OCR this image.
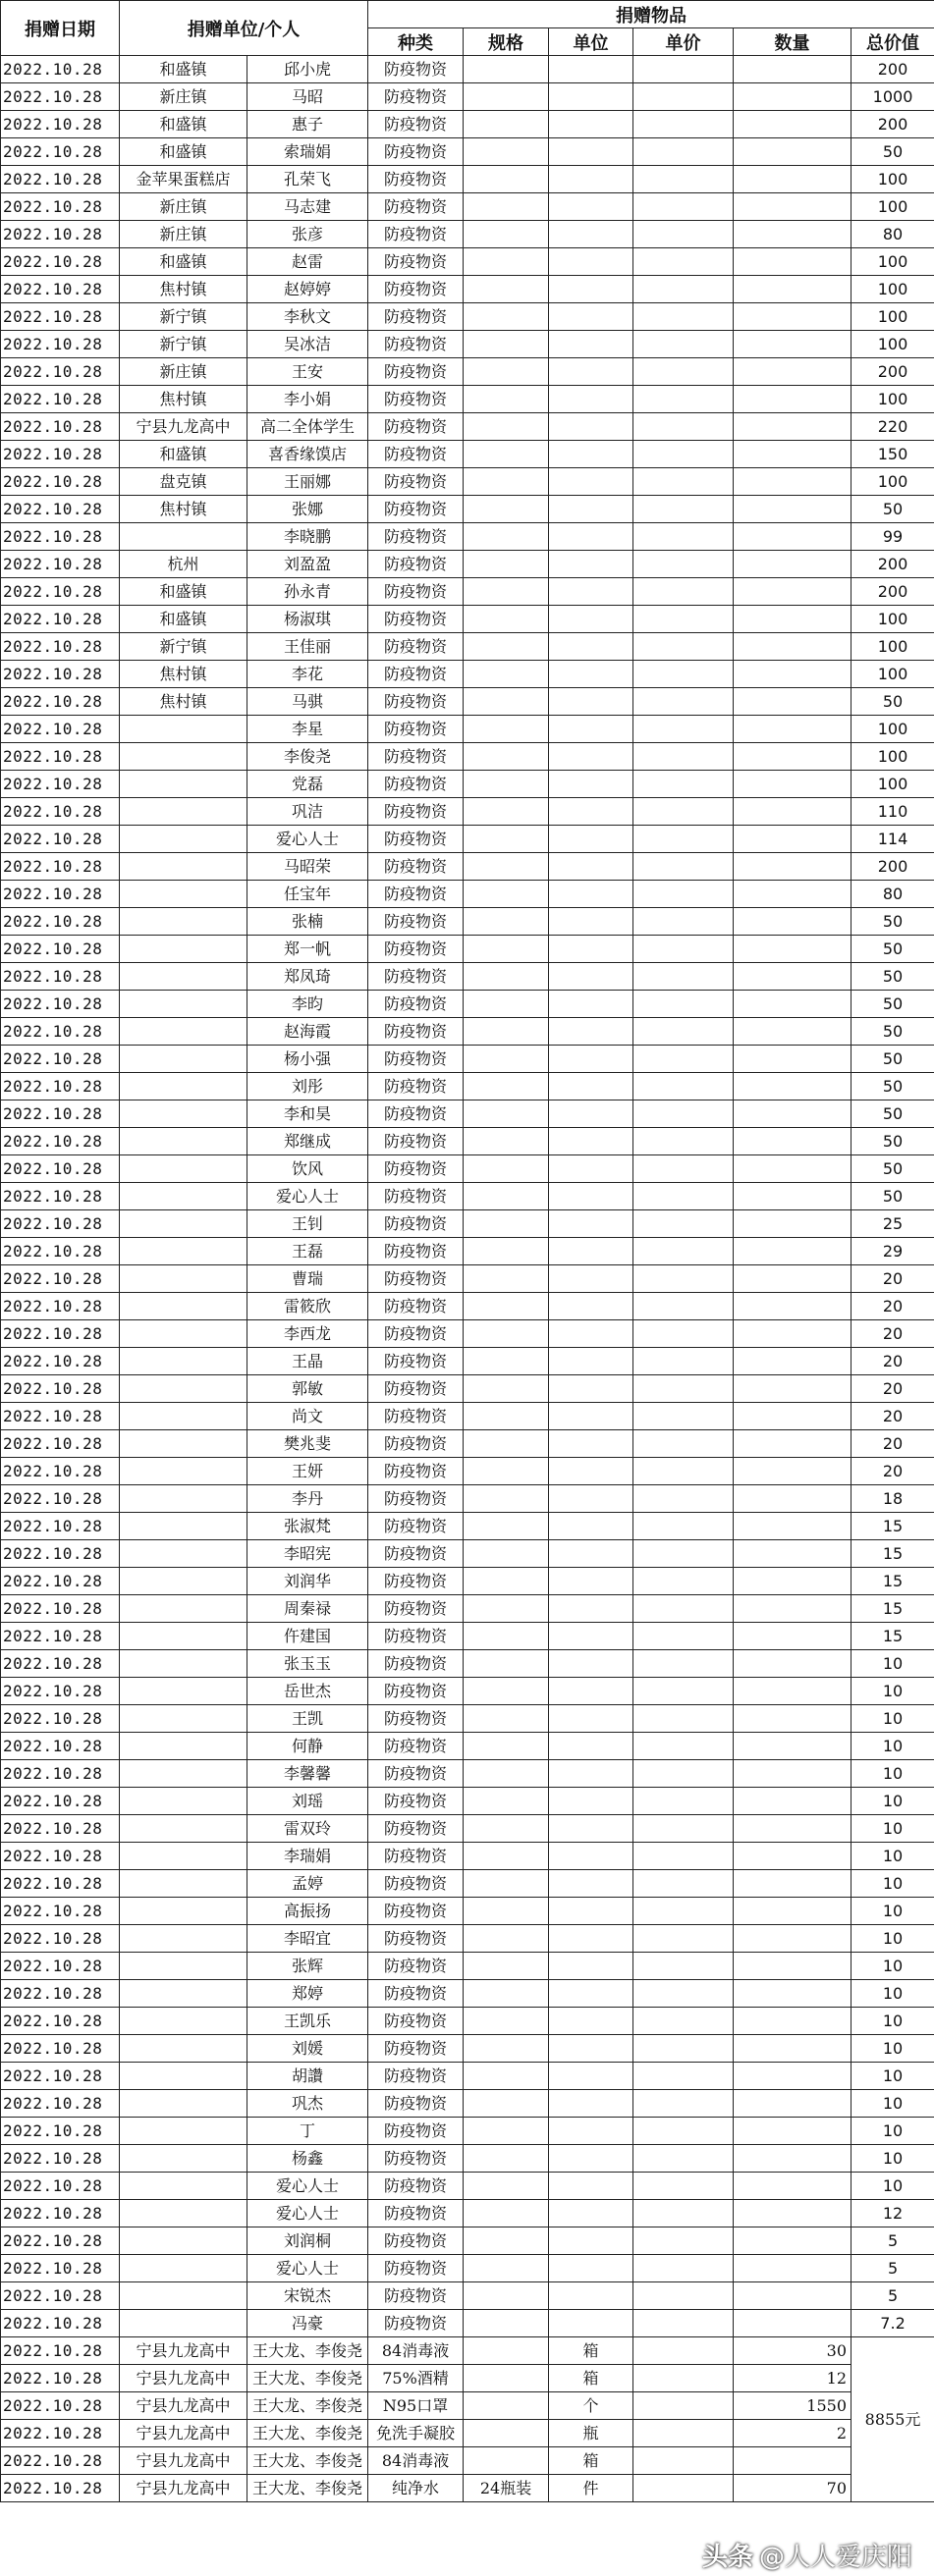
捐赠日期	捐赠单位/个人		捐赠物品					
			种类	规格	单位	单价	数量	总价值
2022.10.28	和盛镇	邱小虎	防疫物资					200
2022.10.28	新庄镇	马昭	防疫物资					1000
2022.10.28	和盛镇	惠子	防疫物资					200
2022.10.28	和盛镇	索瑞娟	防疫物资					50
2022.10.28	金苹果蛋糕店	孔荣飞	防疫物资					100
2022.10.28	新庄镇	马志建	防疫物资					100
2022.10.28	新庄镇	张彦	防疫物资					80
2022.10.28	和盛镇	赵雷	防疫物资					100
2022.10.28	焦村镇	赵婷婷	防疫物资					100
2022.10.28	新宁镇	李秋文	防疫物资					100
2022.10.28	新宁镇	吴冰洁	防疫物资					100
2022.10.28	新庄镇	王安	防疫物资					200
2022.10.28	焦村镇	李小娟	防疫物资					100
2022.10.28	宁县九龙高中	高二全体学生	防疫物资					220
2022.10.28	和盛镇	喜香缘馍店	防疫物资					150
2022.10.28	盘克镇	王丽娜	防疫物资					100
2022.10.28	焦村镇	张娜	防疫物资					50
2022.10.28		李晓鹏	防疫物资					99
2022.10.28	杭州	刘盈盈	防疫物资					200
2022.10.28	和盛镇	孙永青	防疫物资					200
2022.10.28	和盛镇	杨淑琪	防疫物资					100
2022.10.28	新宁镇	王佳丽	防疫物资					100
2022.10.28	焦村镇	李花	防疫物资					100
2022.10.28	焦村镇	马骐	防疫物资					50
2022.10.28		李星	防疫物资					100
2022.10.28		李俊尧	防疫物资					100
2022.10.28		党磊	防疫物资					100
2022.10.28		巩洁	防疫物资					110
2022.10.28		爱心人士	防疫物资					114
2022.10.28		马昭荣	防疫物资					200
2022.10.28		任宝年	防疫物资					80
2022.10.28		张楠	防疫物资					50
2022.10.28		郑一帆	防疫物资					50
2022.10.28		郑凤琦	防疫物资					50
2022.10.28		李昀	防疫物资					50
2022.10.28		赵海霞	防疫物资					50
2022.10.28		杨小强	防疫物资					50
2022.10.28		刘彤	防疫物资					50
2022.10.28		李和昊	防疫物资					50
2022.10.28		郑继成	防疫物资					50
2022.10.28		饮风	防疫物资					50
2022.10.28		爱心人士	防疫物资					50
2022.10.28		王钊	防疫物资					25
2022.10.28		王磊	防疫物资					29
2022.10.28		曹瑞	防疫物资					20
2022.10.28		雷筱欣	防疫物资					20
2022.10.28		李西龙	防疫物资					20
2022.10.28		王晶	防疫物资					20
2022.10.28		郭敏	防疫物资					20
2022.10.28		尚文	防疫物资					20
2022.10.28		樊兆斐	防疫物资					20
2022.10.28		王妍	防疫物资					20
2022.10.28		李丹	防疫物资					18
2022.10.28		张淑梵	防疫物资					15
2022.10.28		李昭宪	防疫物资					15
2022.10.28		刘润华	防疫物资					15
2022.10.28		周秦禄	防疫物资					15
2022.10.28		仵建国	防疫物资					15
2022.10.28		张玉玉	防疫物资					10
2022.10.28		岳世杰	防疫物资					10
2022.10.28		王凯	防疫物资					10
2022.10.28		何静	防疫物资					10
2022.10.28		李馨馨	防疫物资					10
2022.10.28		刘瑶	防疫物资					10
2022.10.28		雷双玲	防疫物资					10
2022.10.28		李瑞娟	防疫物资					10
2022.10.28		孟婷	防疫物资					10
2022.10.28		高振扬	防疫物资					10
2022.10.28		李昭宜	防疫物资					10
2022.10.28		张辉	防疫物资					10
2022.10.28		郑婷	防疫物资					10
2022.10.28		王凯乐	防疫物资					10
2022.10.28		刘媛	防疫物资					10
2022.10.28		胡讚	防疫物资					10
2022.10.28		巩杰	防疫物资					10
2022.10.28		丁	防疫物资					10
2022.10.28		杨鑫	防疫物资					10
2022.10.28		爱心人士	防疫物资					10
2022.10.28		爱心人士	防疫物资					12
2022.10.28		刘润桐	防疫物资					5
2022.10.28		爱心人士	防疫物资					5
2022.10.28		宋锐杰	防疫物资					5
2022.10.28		冯豪	防疫物资					7.2
2022.10.28	宁县九龙高中	王大龙、李俊尧	84消毒液		箱		30	8855元
2022.10.28	宁县九龙高中	王大龙、李俊尧	75%酒精		箱		12	
2022.10.28	宁县九龙高中	王大龙、李俊尧	N95口罩		个		1550	
2022.10.28	宁县九龙高中	王大龙、李俊尧	免洗手凝胶		瓶		2	
2022.10.28	宁县九龙高中	王大龙、李俊尧	84消毒液		箱			
2022.10.28	宁县九龙高中	王大龙、李俊尧	纯净水	24瓶装	件		70	
头条 @人人爱庆阳
